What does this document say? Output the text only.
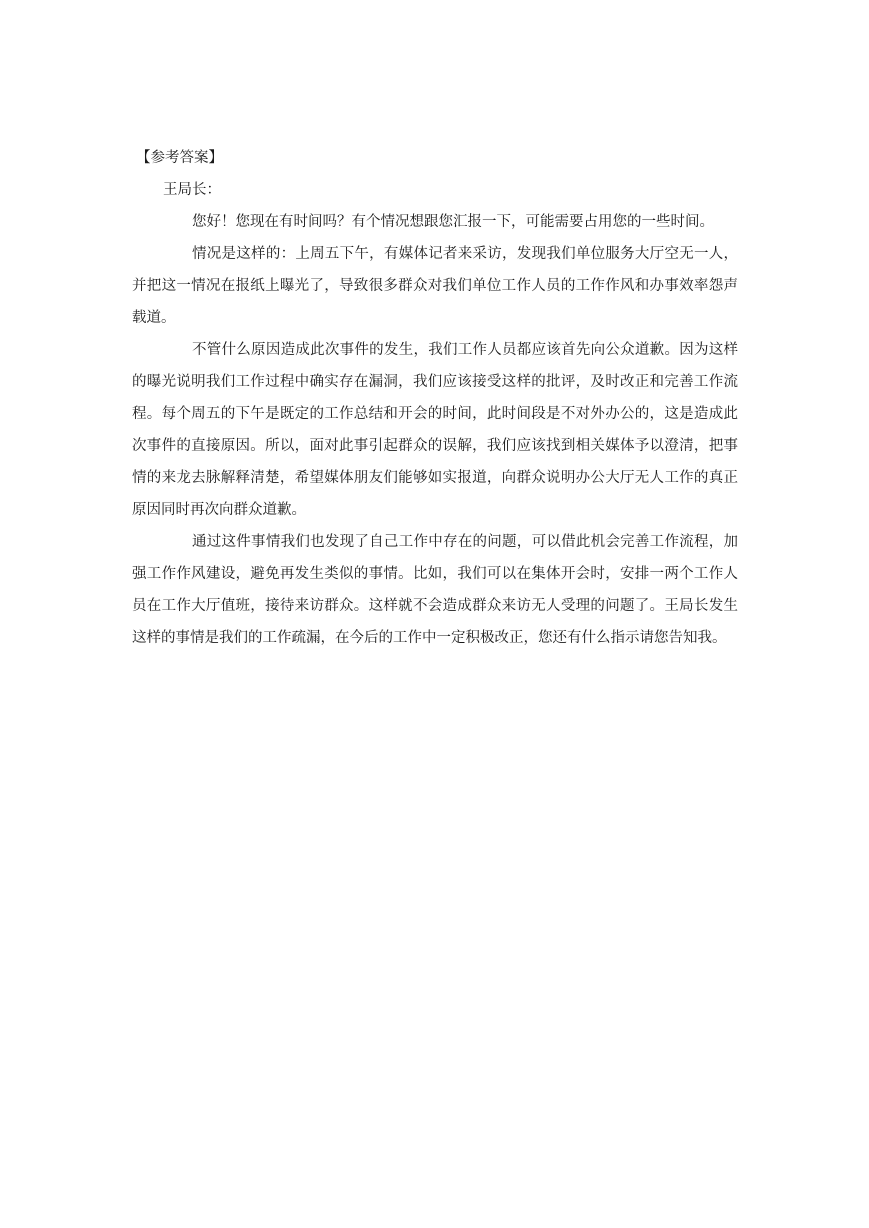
【参考答案】
王局长：

您好！您现在有时间吗？有个情况想跟您汇报一下，可能需要占用您的一些时间。

情况是这样的：上周五下午，有媒体记者来采访，发现我们单位服务大厅空无一人，并把这一情况在报纸上曝光了，导致很多群众对我们单位工作人员的工作作风和办事效率怨声载道。

不管什么原因造成此次事件的发生，我们工作人员都应该首先向公众道歉。因为这样的曝光说明我们工作过程中确实存在漏洞，我们应该接受这样的批评，及时改正和完善工作流程。每个周五的下午是既定的工作总结和开会的时间，此时间段是不对外办公的，这是造成此次事件的直接原因。所以，面对此事引起群众的误解，我们应该找到相关媒体予以澄清，把事情的来龙去脉解释清楚，希望媒体朋友们能够如实报道，向群众说明办公大厅无人工作的真正原因同时再次向群众道歉。

通过这件事情我们也发现了自己工作中存在的问题，可以借此机会完善工作流程，加强工作作风建设，避免再发生类似的事情。比如，我们可以在集体开会时，安排一两个工作人员在工作大厅值班，接待来访群众。这样就不会造成群众来访无人受理的问题了。王局长发生这样的事情是我们的工作疏漏，在今后的工作中一定积极改正，您还有什么指示请您告知我。
